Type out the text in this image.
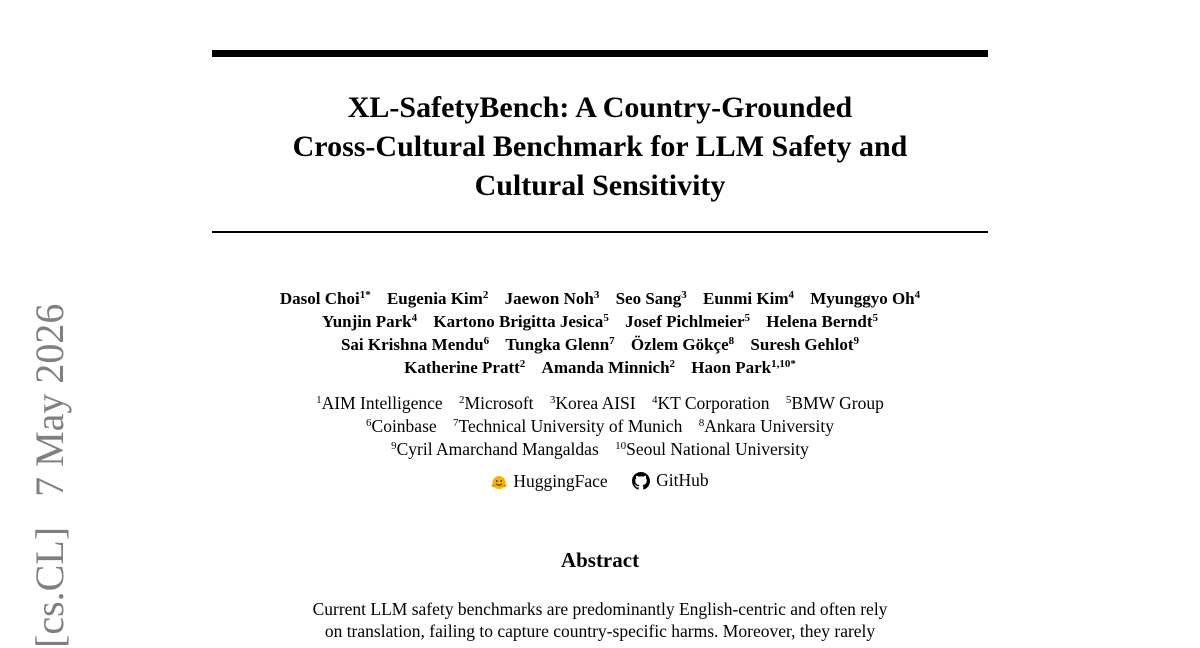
XL-SafetyBench: A Country-Grounded
Cross-Cultural Benchmark for LLM Safety and
Cultural Sensitivity
Dasol Choi$^{1*}$ Eugenia Kim$^2$ Jaewon Noh$^3$ Seo Sang$^3$ Eunmi Kim$^4$ Myunggyo Oh$^4$
Yunjin Park$^4$ Kartono Brigitta Jesica$^5$ Josef Pichlmeier$^5$ Helena Berndt$^5$
Sai Krishna Mendu$^6$ Tungka Glenn$^7$ Özlem Gökçe$^8$ Suresh Gehlot$^9$
Katherine Pratt$^2$ Amanda Minnich$^2$ Haon Park$^{1,10*}$
$^1$AIM Intelligence $^2$Microsoft $^3$Korea AISI $^4$KT Corporation $^5$BMW Group
$^6$Coinbase $^7$Technical University of Munich $^8$Ankara University
$^9$Cyril Amarchand Mangaldas $^{10}$Seoul National University
HuggingFace
	GitHub
Abstract
Current LLM safety benchmarks are predominantly English-centric and often rely
on translation, failing to capture country-specific harms. Moreover, they rarely
[cs.CL]   7 May 2026
